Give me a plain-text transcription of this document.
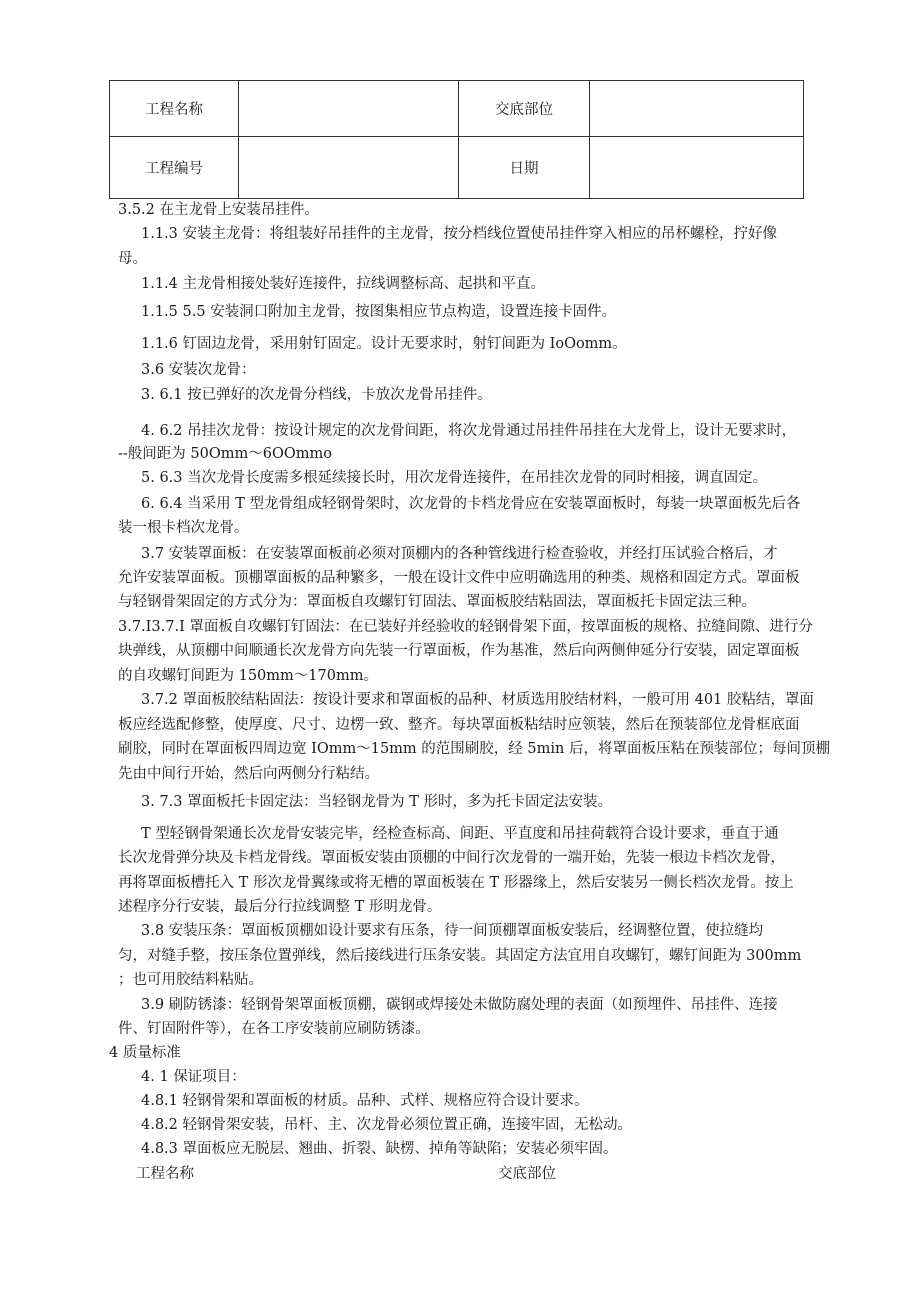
工程名称		交底部位	
工程编号		日期	
3.5.2 在主龙骨上安装吊挂件。
1.1.3 安装主龙骨：将组装好吊挂件的主龙骨，按分档线位置使吊挂件穿入相应的吊杯螺栓，拧好像
母。
1.1.4 主龙骨相接处装好连接件，拉线调整标高、起拱和平直。
1.1.5 5.5 安装洞口附加主龙骨，按图集相应节点构造，设置连接卡固件。
1.1.6 钉固边龙骨，采用射钉固定。设计无要求时，射钉间距为 IoOomm。
3.6 安装次龙骨：
3. 6.1 按已弹好的次龙骨分档线，卡放次龙骨吊挂件。
4. 6.2 吊挂次龙骨：按设计规定的次龙骨间距，将次龙骨通过吊挂件吊挂在大龙骨上，设计无要求时，
--般间距为 50Omm～6OOmmo
5. 6.3 当次龙骨长度需多根延续接长时，用次龙骨连接件，在吊挂次龙骨的同时相接，调直固定。
6. 6.4 当采用 T 型龙骨组成轻钢骨架时，次龙骨的卡档龙骨应在安装罩面板时，每装一块罩面板先后各
装一根卡档次龙骨。
3.7 安装罩面板：在安装罩面板前必须对顶棚内的各种管线进行检查验收，并经打压试验合格后，才
允许安装罩面板。顶棚罩面板的品种繁多，一般在设计文件中应明确选用的种类、规格和固定方式。罩面板
与轻钢骨架固定的方式分为：罩面板自攻螺钉钉固法、罩面板胶结粘固法，罩面板托卡固定法三种。
3.7.I3.7.I 罩面板自攻螺钉钉固法：在已装好并经验收的轻钢骨架下面，按罩面板的规格、拉缝间隙、进行分
块弹线，从顶棚中间顺通长次龙骨方向先装一行罩面板，作为基准，然后向两侧伸延分行安装，固定罩面板
的自攻螺钉间距为 150mm～170mm。
3.7.2 罩面板胶结粘固法：按设计要求和罩面板的品种、材质选用胶结材料，一般可用 401 胶粘结，罩面
板应经选配修整，使厚度、尺寸、边楞一致、整齐。每块罩面板粘结时应领装，然后在预装部位龙骨框底面
刷胶，同时在罩面板四周边宽 IOmm～15mm 的范围刷胶，经 5min 后，将罩面板压粘在预装部位；每间顶棚
先由中间行开始，然后向两侧分行粘结。
3. 7.3 罩面板托卡固定法：当轻钢龙骨为 T 形时，多为托卡固定法安装。
T 型轻钢骨架通长次龙骨安装完毕，经检查标高、间距、平直度和吊挂荷载符合设计要求，垂直于通
长次龙骨弹分块及卡档龙骨线。罩面板安装由顶棚的中间行次龙骨的一端开始，先装一根边卡档次龙骨，
再将罩面板槽托入 T 形次龙骨翼缘或将无槽的罩面板装在 T 形器缘上，然后安装另一侧长档次龙骨。按上
述程序分行安装，最后分行拉线调整 T 形明龙骨。
3.8 安装压条：罩面板顶棚如设计要求有压条，待一间顶棚罩面板安装后，经调整位置，使拉缝均
匀，对缝手整，按压条位置弹线，然后接线进行压条安装。其固定方法宜用自攻螺钉，螺钉间距为 300mm
；也可用胶结料粘贴。
3.9 刷防锈漆：轻钢骨架罩面板顶棚，碳钢或焊接处未做防腐处理的表面（如预埋件、吊挂件、连接
件、钉固附件等），在各工序安装前应刷防锈漆。
4 质量标准
4. 1 保证项目：
4.8.1 轻钢骨架和罩面板的材质。品种、式样、规格应符合设计要求。
4.8.2 轻钢骨架安装，吊杆、主、次龙骨必须位置正确，连接牢固，无松动。
4.8.3 罩面板应无脱层、翘曲、折裂、缺楞、掉角等缺陷；安装必须牢固。
工程名称	交底部位
